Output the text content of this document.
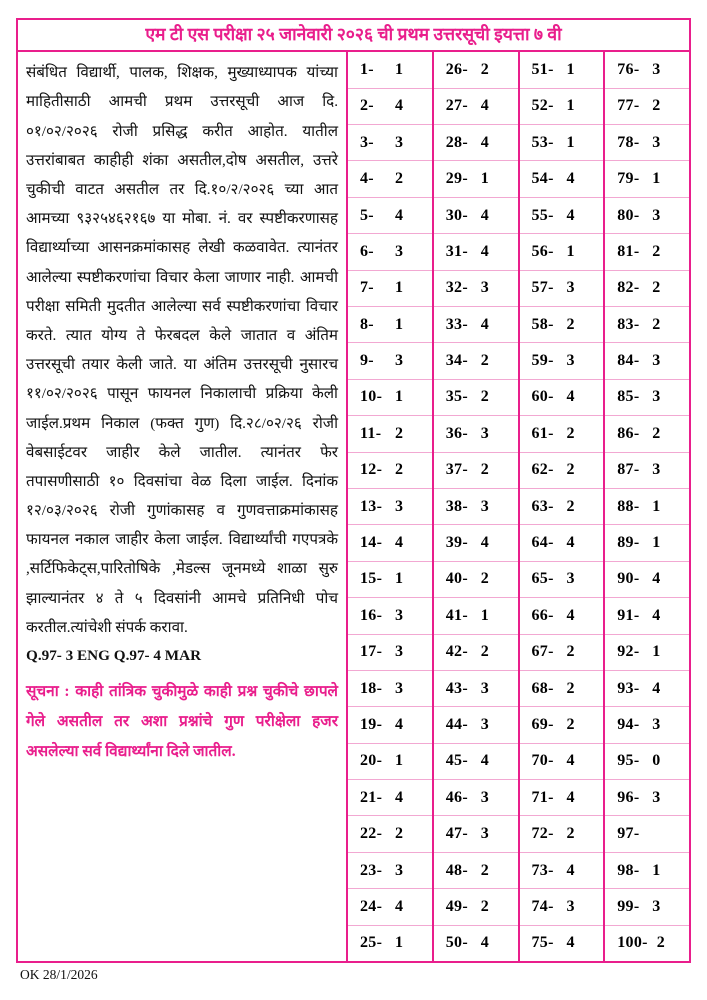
एम टी एस परीक्षा २५ जानेवारी २०२६ ची प्रथम उत्तरसूची इयत्ता ७ वी
संबंधित विद्यार्थी, पालक, शिक्षक, मुख्याध्यापक यांच्या माहितीसाठी आमची प्रथम उत्तरसूची आज दि. ०१/०२/२०२६ रोजी प्रसिद्ध करीत आहोत. यातील उत्तरांबाबत काहीही शंका असतील,दोष असतील, उत्तरे चुकीची वाटत असतील तर दि.१०/२/२०२६ च्या आत आमच्या ९३२५४६२१६७ या मोबा. नं. वर स्पष्टीकरणासह विद्यार्थ्याच्या आसनक्रमांकासह लेखी कळवावेत. त्यानंतर आलेल्या स्पष्टीकरणांचा विचार केला जाणार नाही. आमची परीक्षा समिती मुदतीत आलेल्या सर्व स्पष्टीकरणांचा विचार करते. त्यात योग्य ते फेरबदल केले जातात व अंतिम उत्तरसूची तयार केली जाते. या अंतिम उत्तरसूची नुसारच ११/०२/२०२६ पासून फायनल निकालाची प्रक्रिया केली जाईल.प्रथम निकाल (फक्त गुण) दि.२८/०२/२६ रोजी वेबसाईटवर जाहीर केले जातील. त्यानंतर फेर तपासणीसाठी १० दिवसांचा वेळ दिला जाईल. दिनांक १२/०३/२०२६ रोजी गुणांकासह व गुणवत्ताक्रमांकासह फायनल नकाल जाहीर केला जाईल. विद्यार्थ्यांची गएपत्रके ,सर्टिफिकेट्स,पारितोषिके ,मेडल्स जूनमध्ये शाळा सुरु झाल्यानंतर ४ ते ५ दिवसांनी आमचे प्रतिनिधी पोच करतील.त्यांचेशी संपर्क करावा.
Q.97- 3 ENG Q.97- 4 MAR
सूचना : काही तांत्रिक चुकीमुळे काही प्रश्न चुकीचे छापले गेले असतील तर अशा प्रश्नांचे गुण परीक्षेला हजर असलेल्या सर्व विद्यार्थ्यांना दिले जातील.
1-	1
2-	4
3-	3
4-	2
5-	4
6-	3
7-	1
8-	1
9-	3
10- 1
11- 2
12- 2
13- 3
14- 4
15- 1
16- 3
17- 3
18- 3
19- 4
20- 1
21- 4
22- 2
23- 3
24- 4
25- 1
26- 2
27- 4
28- 4
29- 1
30- 4
31- 4
32- 3
33- 4
34- 2
35- 2
36- 3
37- 2
38- 3
39- 4
40- 2
41- 1
42- 2
43- 3
44- 3
45- 4
46- 3
47- 3
48- 2
49- 2
50- 4
51- 1
52- 1
53- 1
54- 4
55- 4
56- 1
57- 3
58- 2
59- 3
60- 4
61- 2
62- 2
63- 2
64- 4
65- 3
66- 4
67- 2
68- 2
69- 2
70- 4
71- 4
72- 2
73- 4
74- 3
75- 4
76- 3
77- 2
78- 3
79- 1
80- 3
81- 2
82- 2
83- 2
84- 3
85- 3
86- 2
87- 3
88- 1
89- 1
90- 4
91- 4
92- 1
93- 4
94- 3
95- 0
96- 3
97-
98- 1
99- 3
100- 2
OK 28/1/2026
